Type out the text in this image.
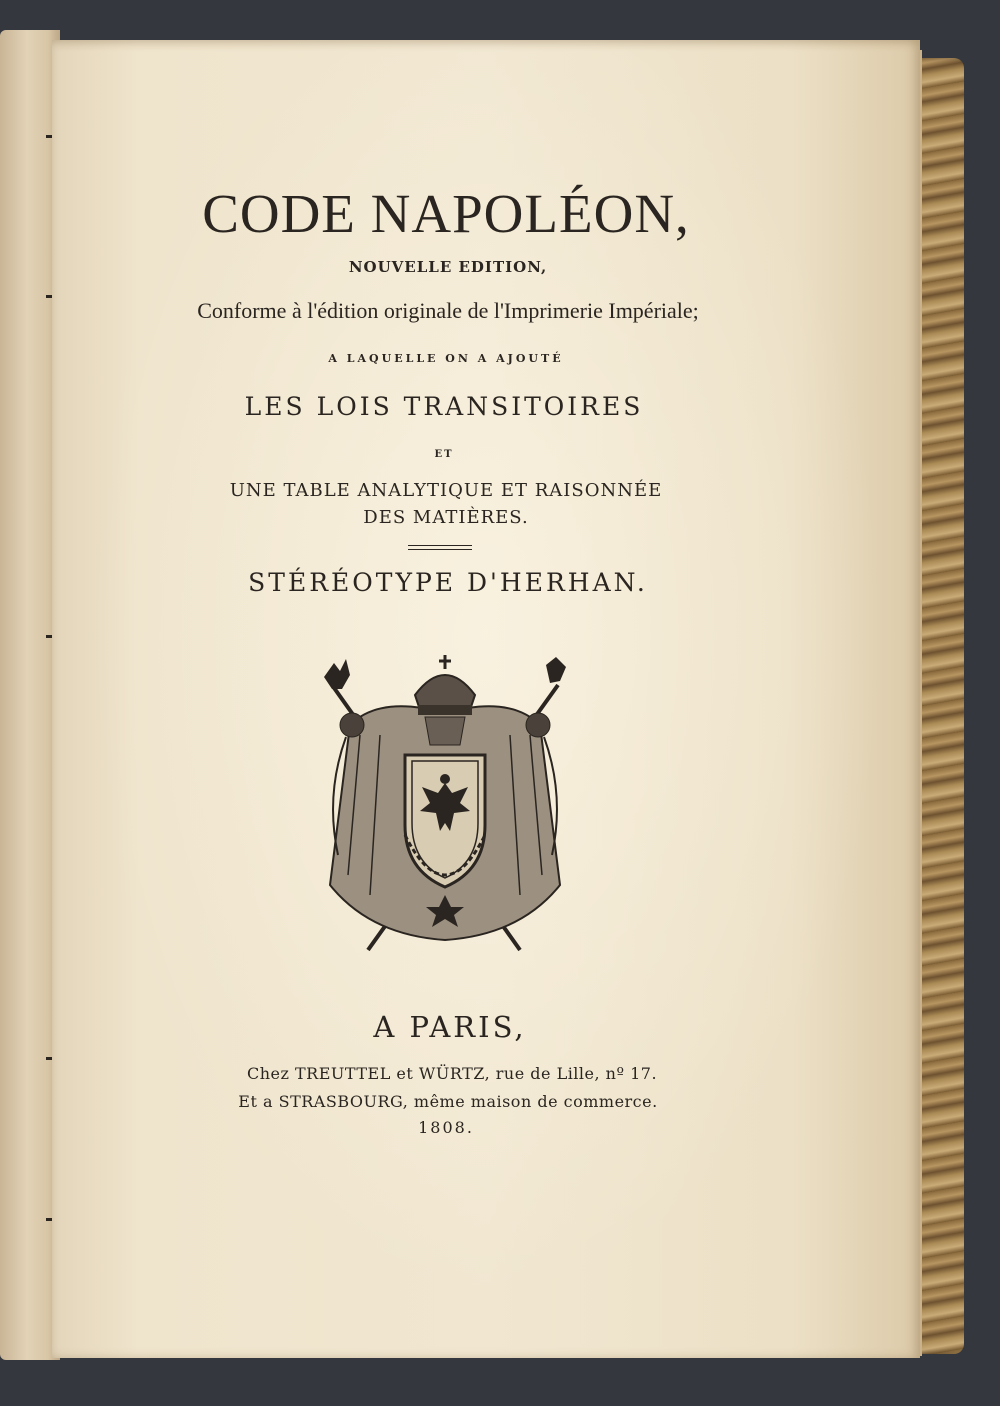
CODE NAPOLÉON,

NOUVELLE EDITION,

Conforme à l'édition originale de l'Imprimerie Impériale;

A LAQUELLE ON A AJOUTÉ

LES LOIS TRANSITOIRES

ET

UNE TABLE ANALYTIQUE ET RAISONNÉE

DES MATIÈRES.

STÉRÉOTYPE D'HERHAN.

A PARIS,

Chez TREUTTEL et WÜRTZ, rue de Lille, nº 17.

Et a STRASBOURG, même maison de commerce.

1808.
